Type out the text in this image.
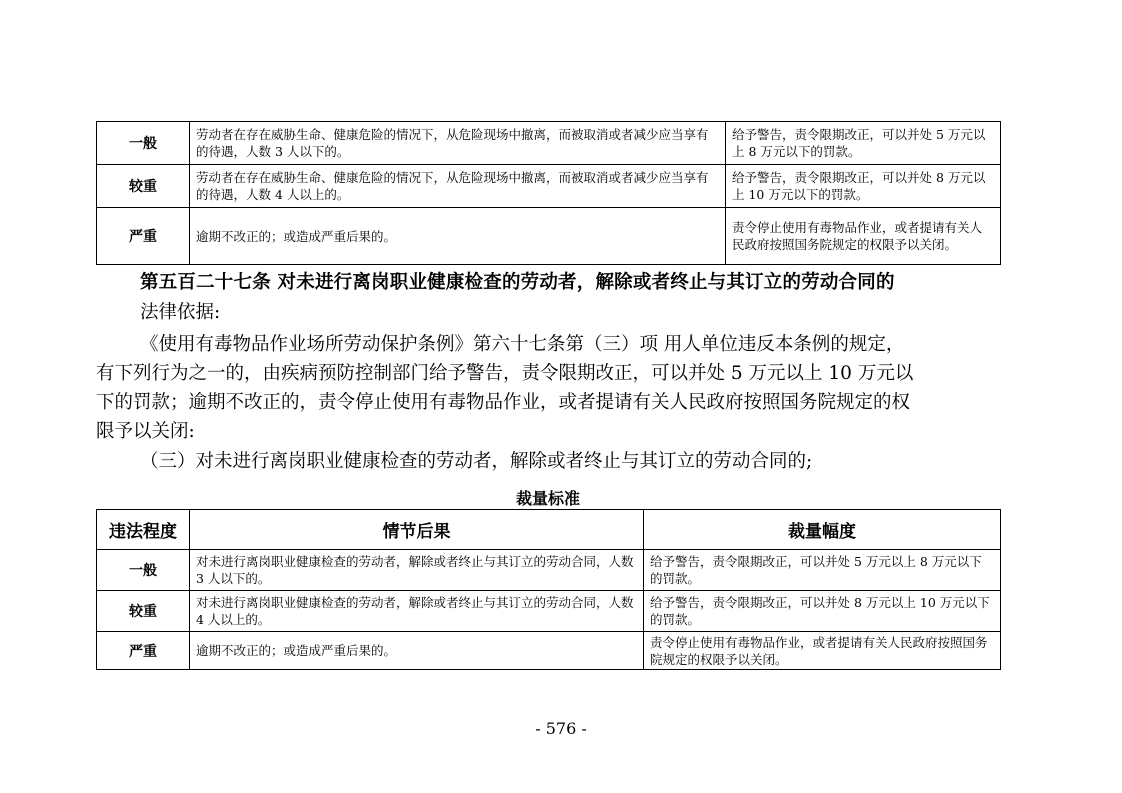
一般	劳动者在存在威胁生命、健康危险的情况下，从危险现场中撤离，而被取消或者减少应当享有的待遇，人数 3 人以下的。	给予警告，责令限期改正，可以并处 5 万元以上 8 万元以下的罚款。
较重	劳动者在存在威胁生命、健康危险的情况下，从危险现场中撤离，而被取消或者减少应当享有的待遇，人数 4 人以上的。	给予警告，责令限期改正，可以并处 8 万元以上 10 万元以下的罚款。
严重	逾期不改正的；或造成严重后果的。	责令停止使用有毒物品作业，或者提请有关人民政府按照国务院规定的权限予以关闭。
第五百二十七条 对未进行离岗职业健康检查的劳动者，解除或者终止与其订立的劳动合同的
法律依据:
《使用有毒物品作业场所劳动保护条例》第六十七条第（三）项 用人单位违反本条例的规定，
有下列行为之一的，由疾病预防控制部门给予警告，责令限期改正，可以并处 5 万元以上 10 万元以
下的罚款；逾期不改正的，责令停止使用有毒物品作业，或者提请有关人民政府按照国务院规定的权
限予以关闭:
（三）对未进行离岗职业健康检查的劳动者，解除或者终止与其订立的劳动合同的;
裁量标准
违法程度	情节后果	裁量幅度
一般	对未进行离岗职业健康检查的劳动者，解除或者终止与其订立的劳动合同，人数 3 人以下的。	给予警告，责令限期改正，可以并处 5 万元以上 8 万元以下的罚款。
较重	对未进行离岗职业健康检查的劳动者，解除或者终止与其订立的劳动合同，人数 4 人以上的。	给予警告，责令限期改正，可以并处 8 万元以上 10 万元以下的罚款。
严重	逾期不改正的；或造成严重后果的。	责令停止使用有毒物品作业，或者提请有关人民政府按照国务院规定的权限予以关闭。
- 576 -
